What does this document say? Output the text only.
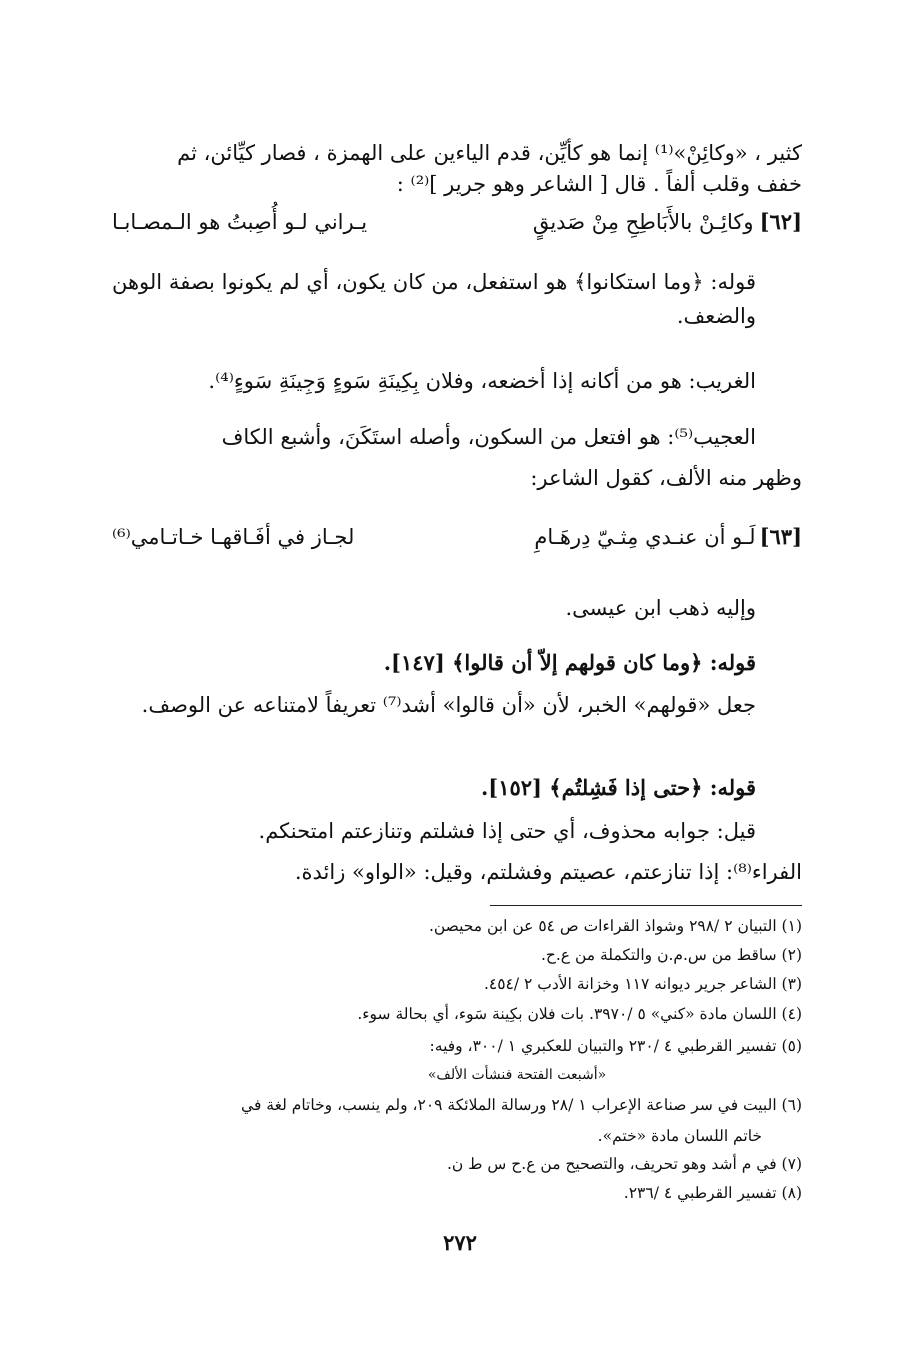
كثير ، «وكائِنْ»⁽¹⁾ إنما هو كأيِّن، قدم الياءين على الهمزة ، فصار كيِّائن، ثم

خفف وقلب ألفاً . قال [ الشاعر وهو جرير ]⁽²⁾ :

[٦٢]
وكائِـنْ بالأَبَاطِحِ مِنْ صَديقٍ
يـراني لـو أُصِبتُ هو الـمصـابـا

قوله: ﴿وما استكانوا﴾ هو استفعل، من كان يكون، أي لم يكونوا بصفة الوهن والضعف.

الغريب: هو من أكانه إذا أخضعه، وفلان بِكِينَةِ سَوءٍ وَجِينَةِ سَوءٍ⁽⁴⁾.

العجيب⁽⁵⁾: هو افتعل من السكون، وأصله استَكَنَ، وأشبع الكاف

وظهر منه الألف، كقول الشاعر:

[٦٣]
لَـو أن عنـدي مِثـيّ دِرهَـامِ
لجـاز في أفَـاقهـا خـاتـامي⁽⁶⁾

وإليه ذهب ابن عيسى.

قوله: ﴿وما كان قولهم إلاّ أن قالوا﴾ [١٤٧].

جعل «قولهم» الخبر، لأن «أن قالوا» أشد⁽⁷⁾ تعريفاً لامتناعه عن الوصف.

قوله: ﴿حتى إذا فَشِلتُم﴾ [١٥٢].

قيل: جوابه محذوف، أي حتى إذا فشلتم وتنازعتم امتحنكم.

الفراء⁽⁸⁾: إذا تنازعتم، عصيتم وفشلتم، وقيل: «الواو» زائدة.

(١) التبيان ٢ /٢٩٨ وشواذ القراءات ص ٥٤ عن ابن محيصن.

(٢) ساقط من س.م.ن والتكملة من ع.ح.

(٣) الشاعر جرير ديوانه ١١٧ وخزانة الأدب ٢ /٤٥٤.

(٤) اللسان مادة «كني» ٥ /٣٩٧٠. بات فلان بكِينة سَوء، أي بحالة سوء.

(٥) تفسير القرطبي ٤ /٢٣٠ والتبيان للعكبري ١ /٣٠٠، وفيه:

«أشبعت الفتحة فنشأت الألف»

(٦) البيت في سر صناعة الإعراب ١ /٢٨ ورسالة الملائكة ٢٠٩، ولم ينسب، وخاتام لغة في

خاتم اللسان مادة «ختم».

(٧) في م أشد وهو تحريف، والتصحيح من ع.ح س ط ن.

(٨) تفسير القرطبي ٤ /٢٣٦.

٢٧٢
